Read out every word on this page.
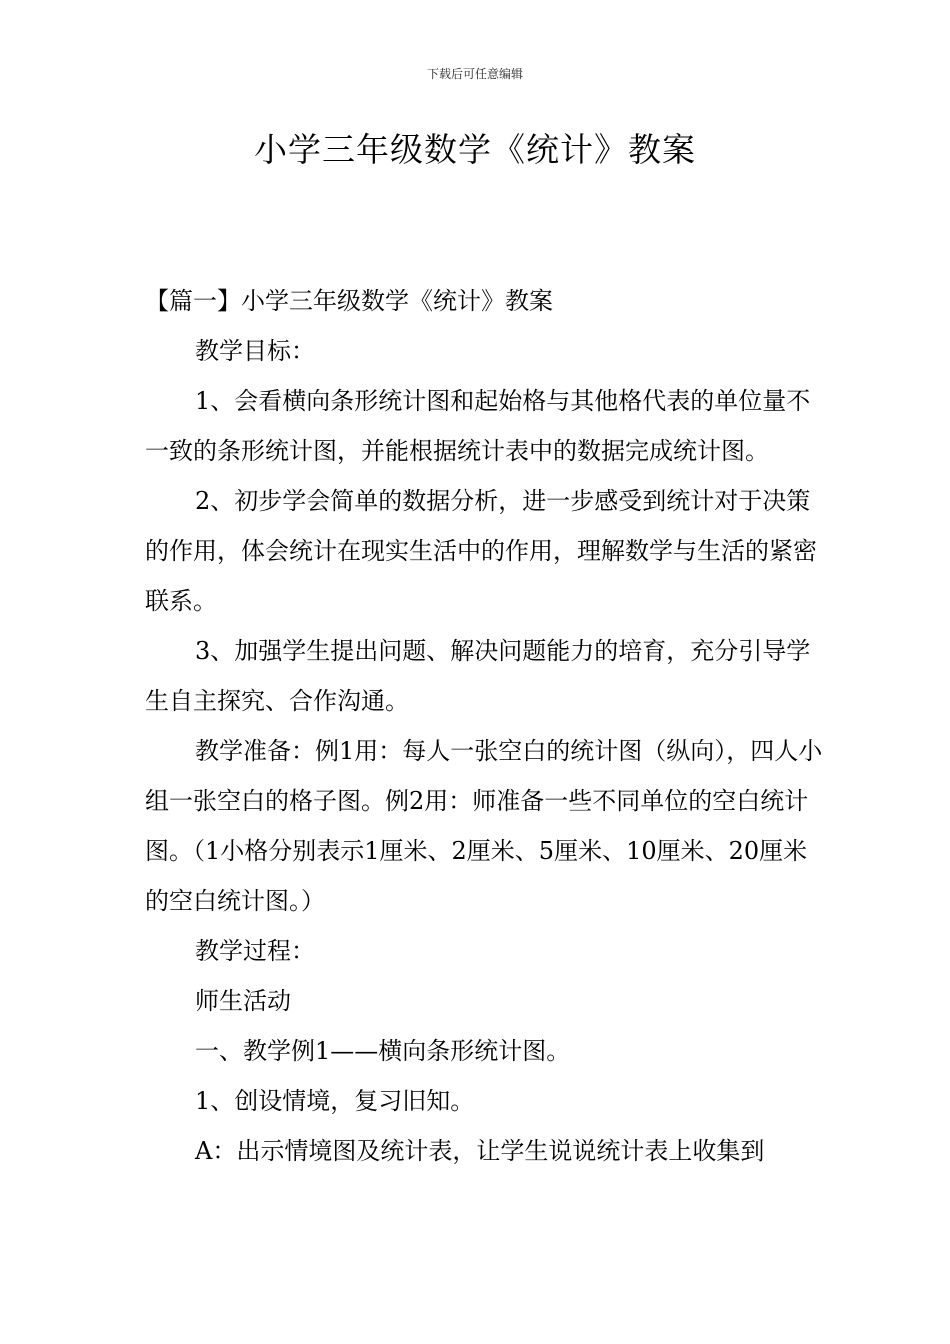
下载后可任意编辑
小学三年级数学《统计》教案

【篇一】小学三年级数学《统计》教案

教学目标：

1、会看横向条形统计图和起始格与其他格代表的单位量不一致的条形统计图，并能根据统计表中的数据完成统计图。

2、初步学会简单的数据分析，进一步感受到统计对于决策的作用，体会统计在现实生活中的作用，理解数学与生活的紧密联系。

3、加强学生提出问题、解决问题能力的培育，充分引导学生自主探究、合作沟通。

教学准备：例1用：每人一张空白的统计图（纵向），四人小组一张空白的格子图。例2用：师准备一些不同单位的空白统计图。（1小格分别表示1厘米、2厘米、5厘米、10厘米、20厘米的空白统计图。）

教学过程：

师生活动

一、教学例1——横向条形统计图。

1、创设情境，复习旧知。

A：出示情境图及统计表，让学生说说统计表上收集到
